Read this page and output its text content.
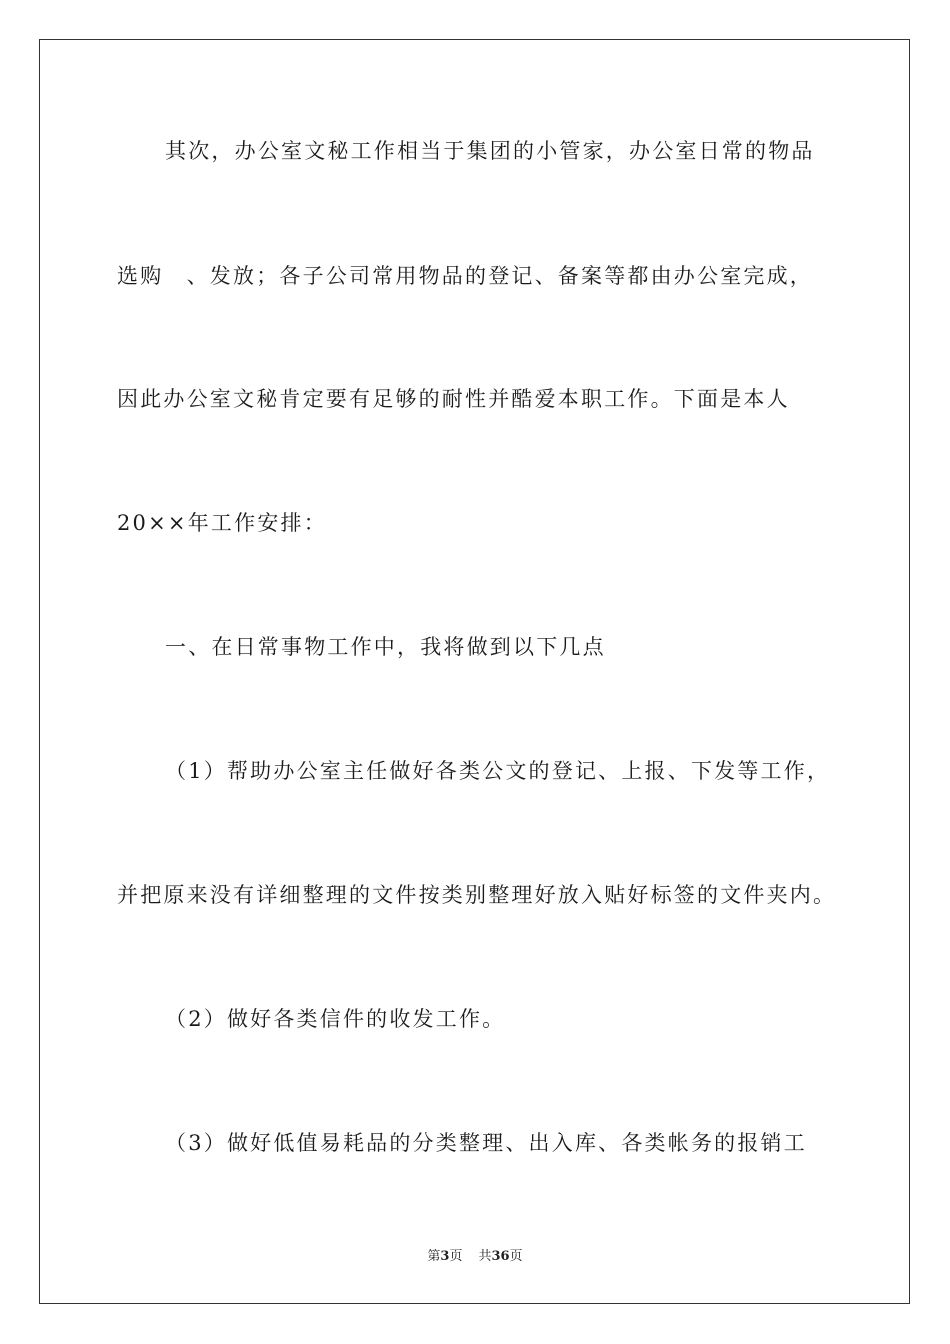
其次，办公室文秘工作相当于集团的小管家，办公室日常的物品
选购　、发放；各子公司常用物品的登记、备案等都由办公室完成，
因此办公室文秘肯定要有足够的耐性并酷爱本职工作。下面是本人
20××年工作安排：
一、在日常事物工作中，我将做到以下几点
（1）帮助办公室主任做好各类公文的登记、上报、下发等工作，
并把原来没有详细整理的文件按类别整理好放入贴好标签的文件夹内。
（2）做好各类信件的收发工作。
（3）做好低值易耗品的分类整理、出入库、各类帐务的报销工
第3页 共36页
